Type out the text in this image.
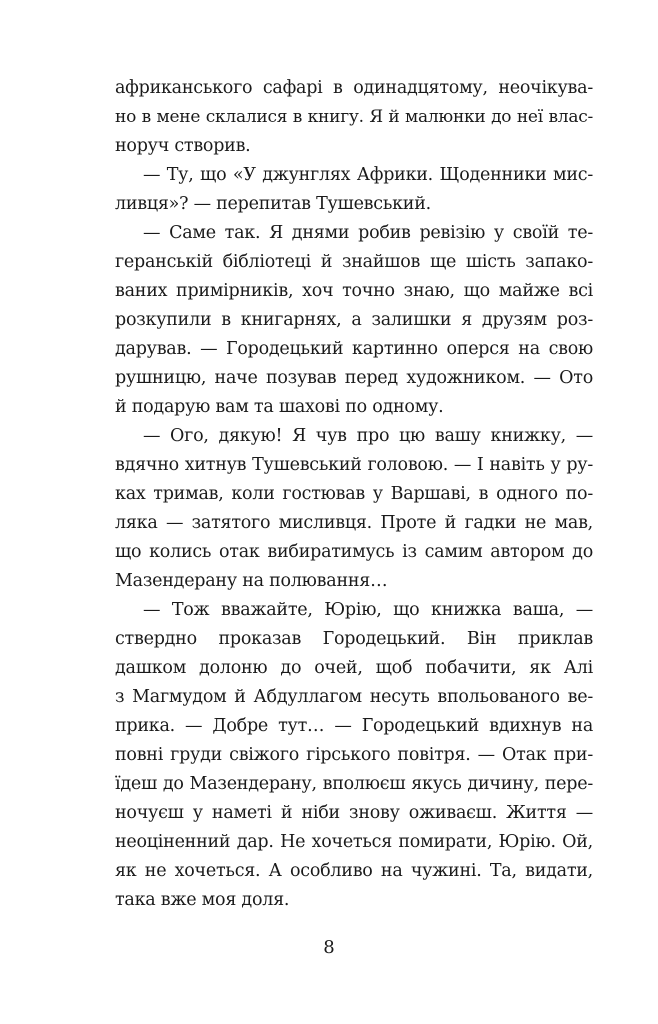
африканського сафарі в одинадцятому, неочікува-
но в мене склалися в книгу. Я й малюнки до неї влас-
норуч створив.
— Ту, що «У джунглях Африки. Щоденники мис-
ливця»? — перепитав Тушевський.
— Саме так. Я днями робив ревізію у своїй те-
геранській бібліотеці й знайшов ще шість запако-
ваних примірників, хоч точно знаю, що майже всі
розкупили в книгарнях, а залишки я друзям роз-
дарував. — Городецький картинно оперся на свою
рушницю, наче позував перед художником. — Ото
й подарую вам та шахові по одному.
— Ого, дякую! Я чув про цю вашу книжку, —
вдячно хитнув Тушевський головою. — І навіть у ру-
ках тримав, коли гостював у Варшаві, в одного по-
ляка — затятого мисливця. Проте й гадки не мав,
що колись отак вибиратимусь із самим автором до
Мазендерану на полювання…
— Тож вважайте, Юрію, що книжка ваша, —
ствердно проказав Городецький. Він приклав
дашком долоню до очей, щоб побачити, як Алі
з Магмудом й Абдуллагом несуть впольованого ве-
прика. — Добре тут… — Городецький вдихнув на
повні груди свіжого гірського повітря. — Отак при-
їдеш до Мазендерану, вполюєш якусь дичину, пере-
ночуєш у наметі й ніби знову оживаєш. Життя —
неоціненний дар. Не хочеться помирати, Юрію. Ой,
як не хочеться. А особливо на чужині. Та, видати,
така вже моя доля.
8
